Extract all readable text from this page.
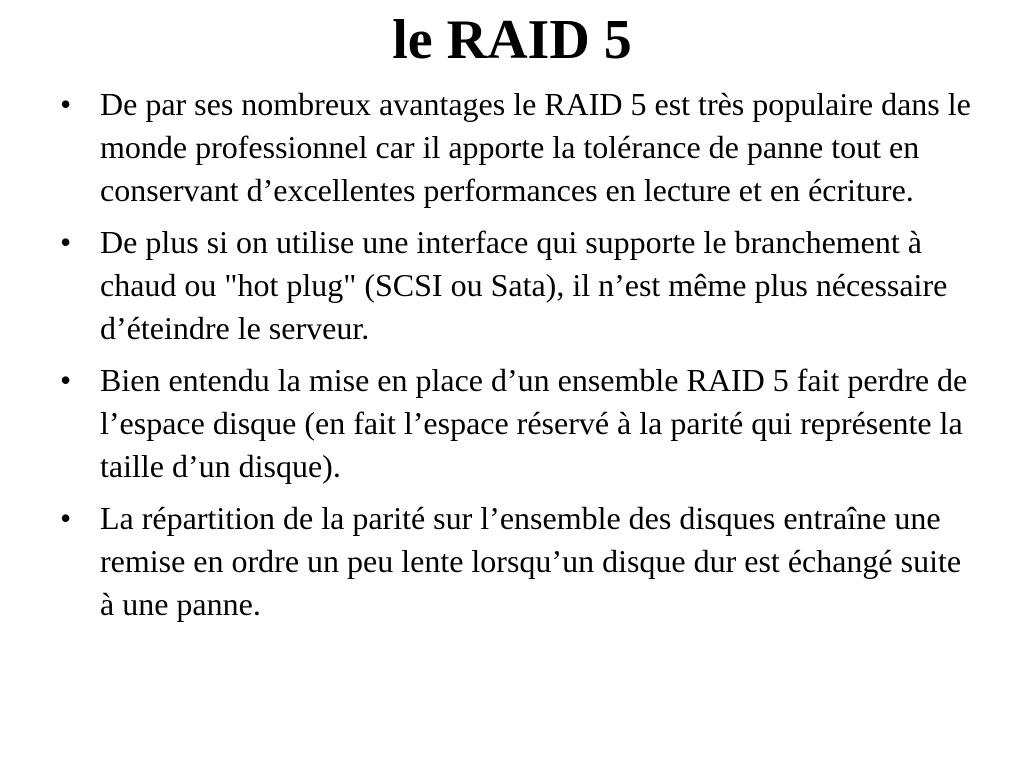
le RAID 5
• De par ses nombreux avantages le RAID 5 est très populaire dans le monde professionnel car il apporte la tolérance de panne tout en conservant d’excellentes performances en lecture et en écriture.
• De plus si on utilise une interface qui supporte le branchement à chaud ou "hot plug" (SCSI ou Sata), il n’est même plus nécessaire d’éteindre le serveur.
• Bien entendu la mise en place d’un ensemble RAID 5 fait perdre de l’espace disque (en fait l’espace réservé à la parité qui représente la taille d’un disque).
• La répartition de la parité sur l’ensemble des disques entraîne une remise en ordre un peu lente lorsqu’un disque dur est échangé suite à une panne.
